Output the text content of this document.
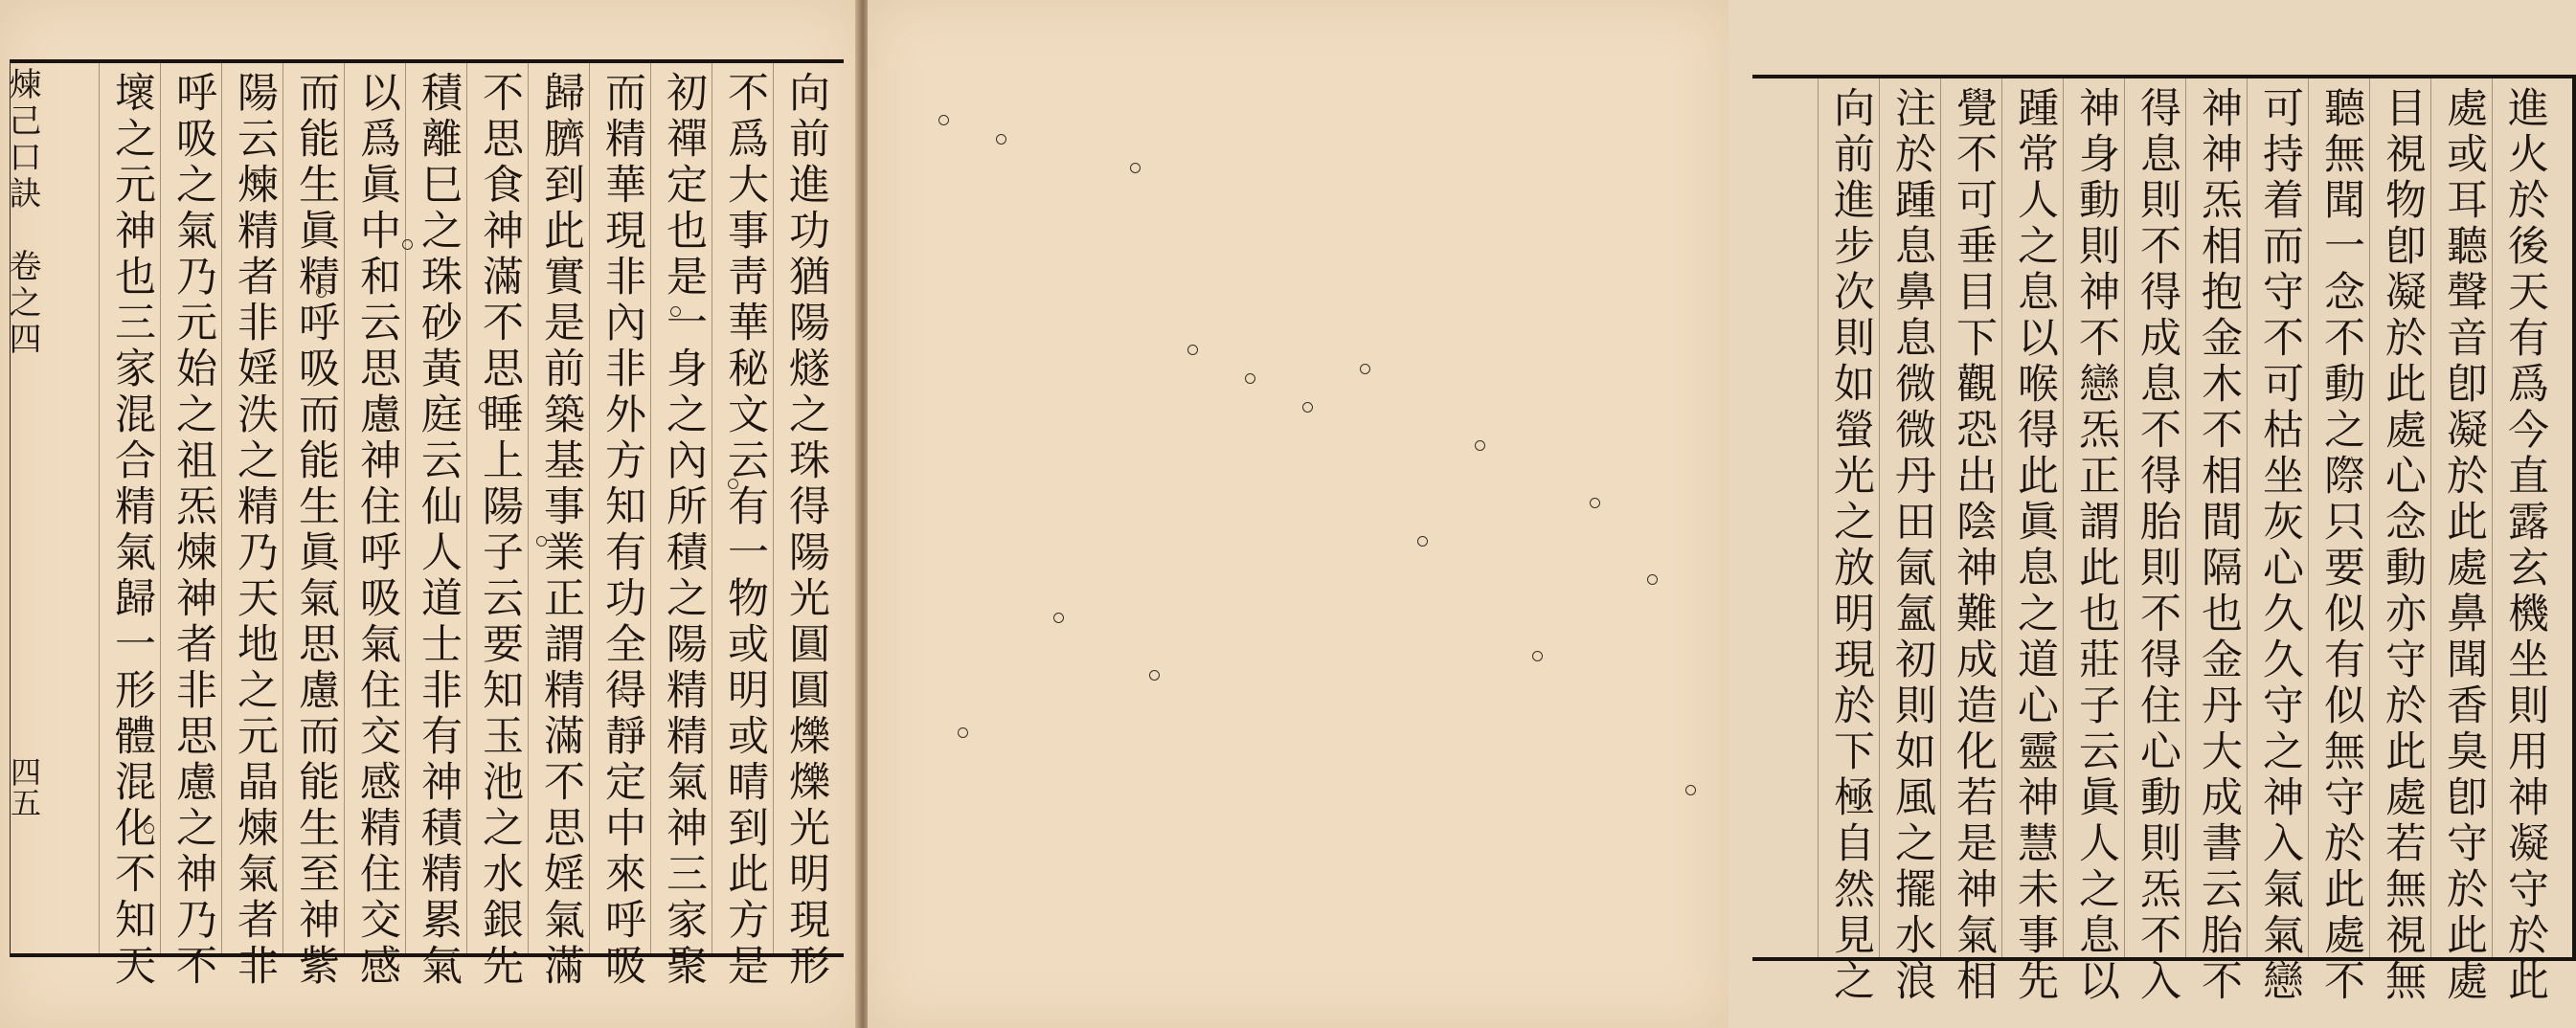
煉己口訣　卷之四
四五	向前進功猶陽燧之珠得陽光圓圓爍爍光明現形
不爲大事靑華秘文云有一物或明或晴到此方是
初禪定也是一身之內所積之陽精精氣神三家聚
而精華現非內非外方知有功全得靜定中來呼吸
歸臍到此實是前築基事業正謂精滿不思婬氣滿
不思食神滿不思睡上陽子云要知玉池之水銀先
積離巳之珠砂黃庭云仙人道士非有神積精累氣
以爲眞中和云思慮神住呼吸氣住交感精住交感
而能生眞精呼吸而能生眞氣思慮而能生至神紫
陽云煉精者非婬泆之精乃天地之元晶煉氣者非
呼吸之氣乃元始之祖炁煉神者非思慮之神乃不
壞之元神也三家混合精氣歸一形體混化不知天	進火於後天有爲今直露玄機坐則用神凝守於此
處或耳聽聲音卽凝於此處鼻聞香臭卽守於此處
目視物卽凝於此處心念動亦守於此處若無視無
聽無聞一念不動之際只要似有似無守於此處不
可持着而守不可枯坐灰心久久守之神入氣氣戀
神神炁相抱金木不相間隔也金丹大成書云胎不
得息則不得成息不得胎則不得住心動則炁不入
神身動則神不戀炁正謂此也莊子云眞人之息以
踵常人之息以喉得此眞息之道心靈神慧未事先
覺不可垂目下觀恐出陰神難成造化若是神氣相
注於踵息鼻息微微丹田氤氳初則如風之擺水浪
向前進步次則如螢光之放明現於下極自然見之
